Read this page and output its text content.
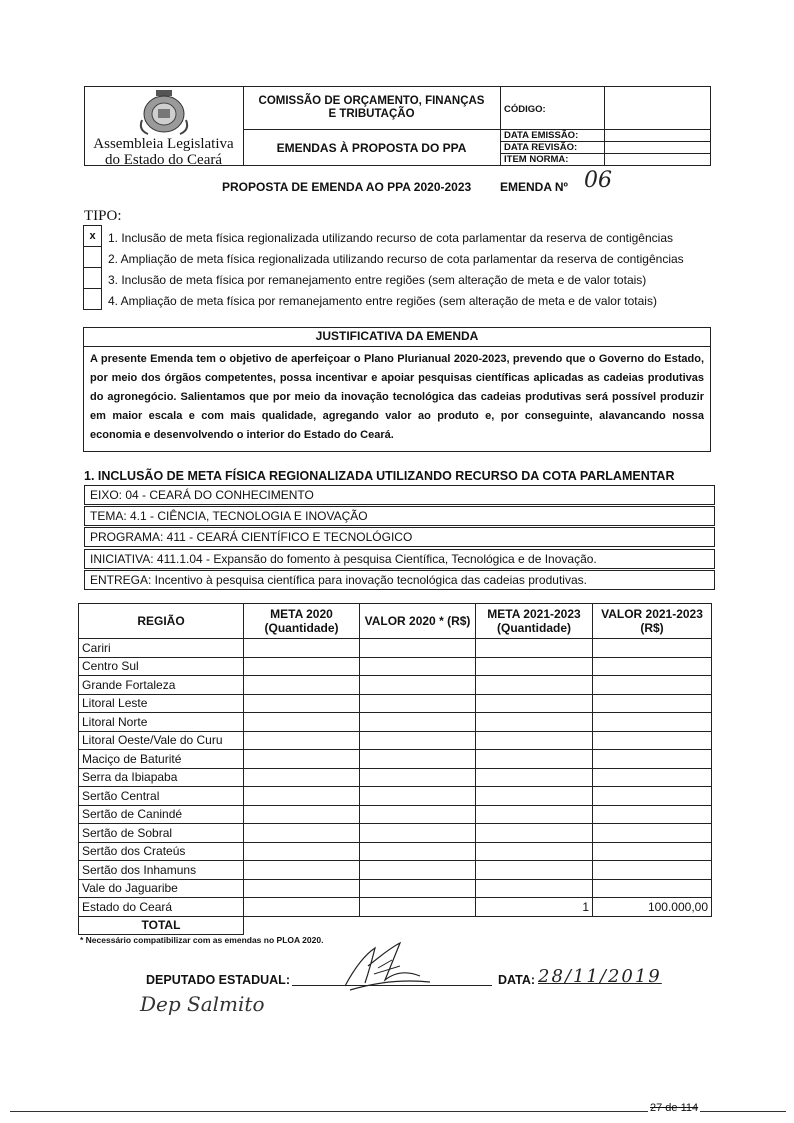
Assembleia Legislativa
do Estado do Ceará
COMISSÃO DE ORÇAMENTO, FINANÇAS
E TRIBUTAÇÃO
EMENDAS À PROPOSTA DO PPA
CÓDIGO:
DATA EMISSÃO:
DATA REVISÃO:
ITEM NORMA:
PROPOSTA DE EMENDA AO PPA 2020-2023 EMENDA Nº 06
TIPO:
x	1. Inclusão de meta física regionalizada utilizando recurso de cota parlamentar da reserva de contigências
2. Ampliação de meta física regionalizada utilizando recurso de cota parlamentar da reserva de contigências
3. Inclusão de meta física por remanejamento entre regiões (sem alteração de meta e de valor totais)
4. Ampliação de meta física por remanejamento entre regiões (sem alteração de meta e de valor totais)
JUSTIFICATIVA DA EMENDA
A presente Emenda tem o objetivo de aperfeiçoar o Plano Plurianual 2020-2023, prevendo que o Governo do Estado, por meio dos órgãos competentes, possa incentivar e apoiar pesquisas científicas aplicadas as cadeias produtivas do agronegócio. Salientamos que por meio da inovação tecnológica das cadeias produtivas será possível produzir em maior escala e com mais qualidade, agregando valor ao produto e, por conseguinte, alavancando nossa economia e desenvolvendo o interior do Estado do Ceará.
1. INCLUSÃO DE META FÍSICA REGIONALIZADA UTILIZANDO RECURSO DA COTA PARLAMENTAR
EIXO: 04 - CEARÁ DO CONHECIMENTO
TEMA: 4.1 - CIÊNCIA, TECNOLOGIA E INOVAÇÃO
PROGRAMA: 411 - CEARÁ CIENTÍFICO E TECNOLÓGICO
INICIATIVA: 411.1.04 - Expansão do fomento à pesquisa Científica, Tecnológica e de Inovação.
ENTREGA: Incentivo à pesquisa científica para inovação tecnológica das cadeias produtivas.
REGIÃO	META 2020 (Quantidade)	VALOR 2020 * (R$)	META 2021-2023 (Quantidade)	VALOR 2021-2023 (R$)
Cariri				
Centro Sul				
Grande Fortaleza				
Litoral Leste				
Litoral Norte				
Litoral Oeste/Vale do Curu				
Maciço de Baturité				
Serra da Ibiapaba				
Sertão Central				
Sertão de Canindé				
Sertão de Sobral				
Sertão dos Crateús				
Sertão dos Inhamuns				
Vale do Jaguaribe				
Estado do Ceará			1	100.000,00
TOTAL				
* Necessário compatibilizar com as emendas no PLOA 2020.
DEPUTADO ESTADUAL:	DATA: 28/11/2019
Dep Salmito
27 de 114
